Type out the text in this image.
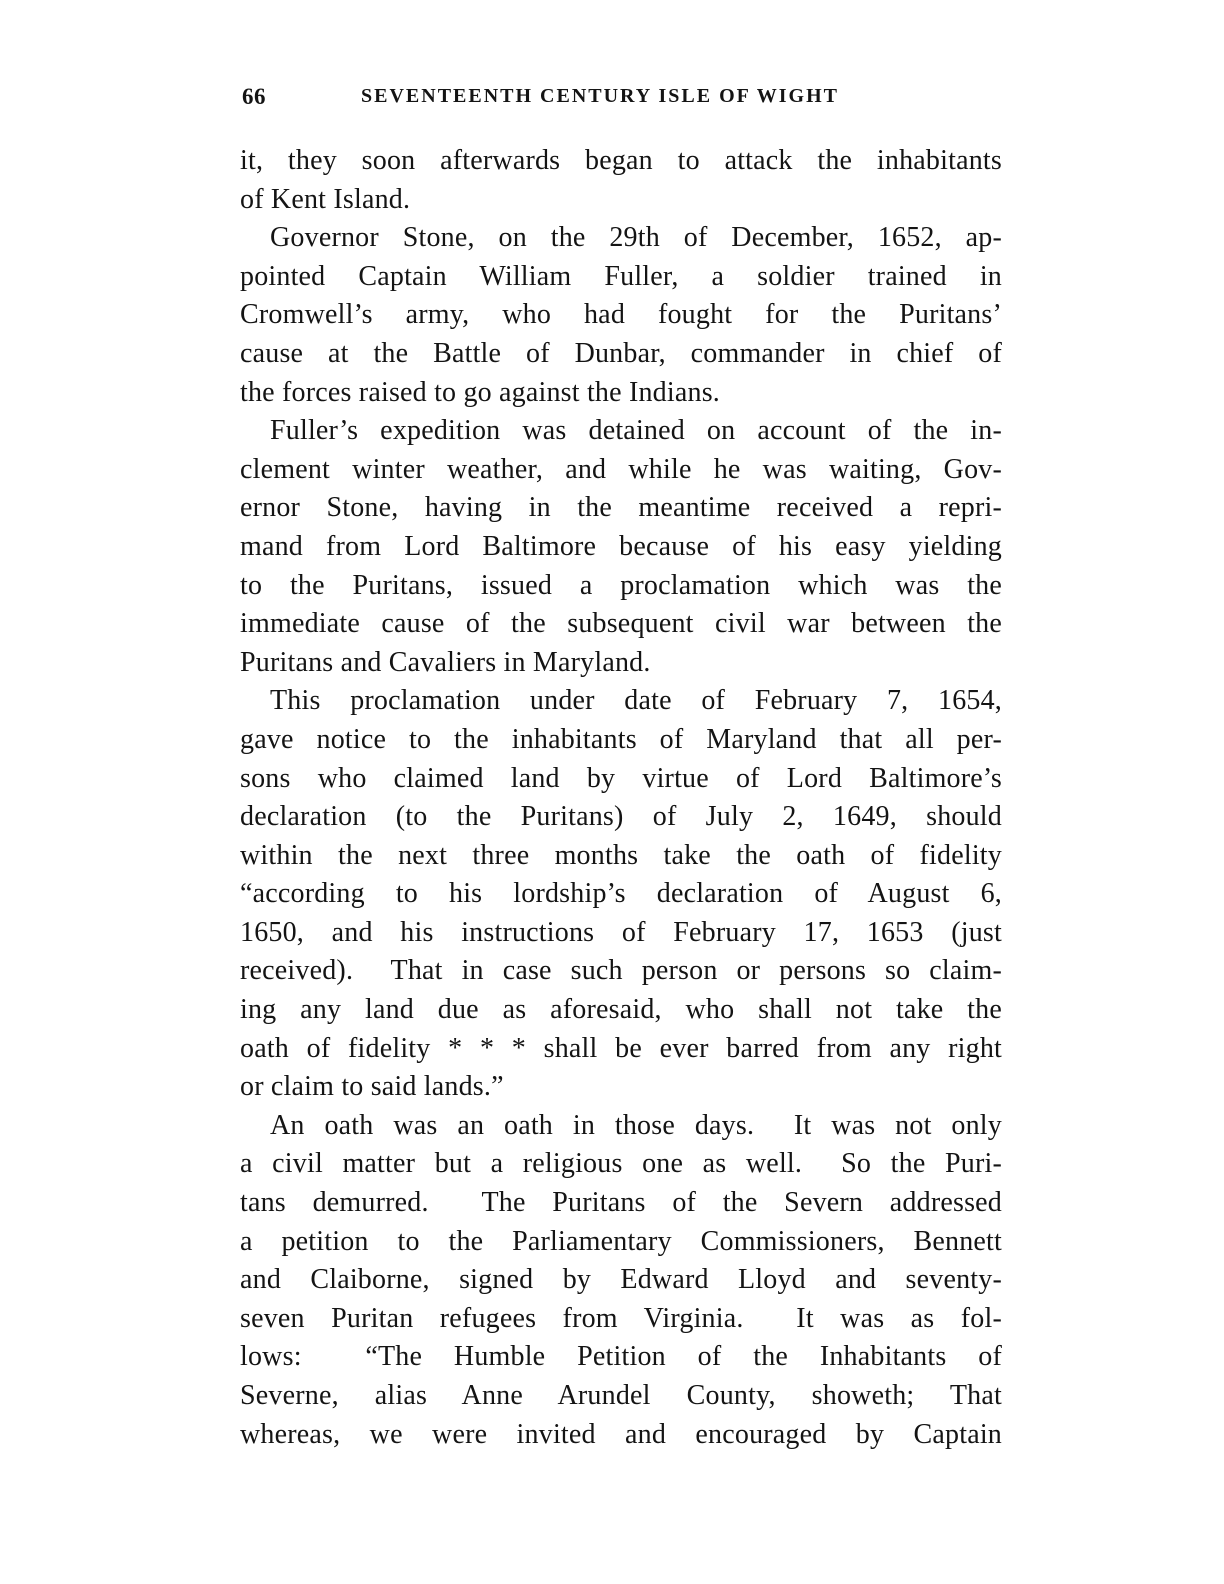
66	SEVENTEENTH CENTURY ISLE OF WIGHT
it, they soon afterwards began to attack the inhabitants
of Kent Island.
Governor Stone, on the 29th of December, 1652, ap-
pointed Captain William Fuller, a soldier trained in
Cromwell’s army, who had fought for the Puritans’
cause at the Battle of Dunbar, commander in chief of
the forces raised to go against the Indians.
Fuller’s expedition was detained on account of the in-
clement winter weather, and while he was waiting, Gov-
ernor Stone, having in the meantime received a repri-
mand from Lord Baltimore because of his easy yielding
to the Puritans, issued a proclamation which was the
immediate cause of the subsequent civil war between the
Puritans and Cavaliers in Maryland.
This proclamation under date of February 7, 1654,
gave notice to the inhabitants of Maryland that all per-
sons who claimed land by virtue of Lord Baltimore’s
declaration (to the Puritans) of July 2, 1649, should
within the next three months take the oath of fidelity
“according to his lordship’s declaration of August 6,
1650, and his instructions of February 17, 1653 (just
received).  That in case such person or persons so claim-
ing any land due as aforesaid, who shall not take the
oath of fidelity * * * shall be ever barred from any right
or claim to said lands.”
An oath was an oath in those days.  It was not only
a civil matter but a religious one as well.  So the Puri-
tans demurred.  The Puritans of the Severn addressed
a petition to the Parliamentary Commissioners, Bennett
and Claiborne, signed by Edward Lloyd and seventy-
seven Puritan refugees from Virginia.  It was as fol-
lows:  “The Humble Petition of the Inhabitants of
Severne, alias Anne Arundel County, showeth; That
whereas, we were invited and encouraged by Captain
